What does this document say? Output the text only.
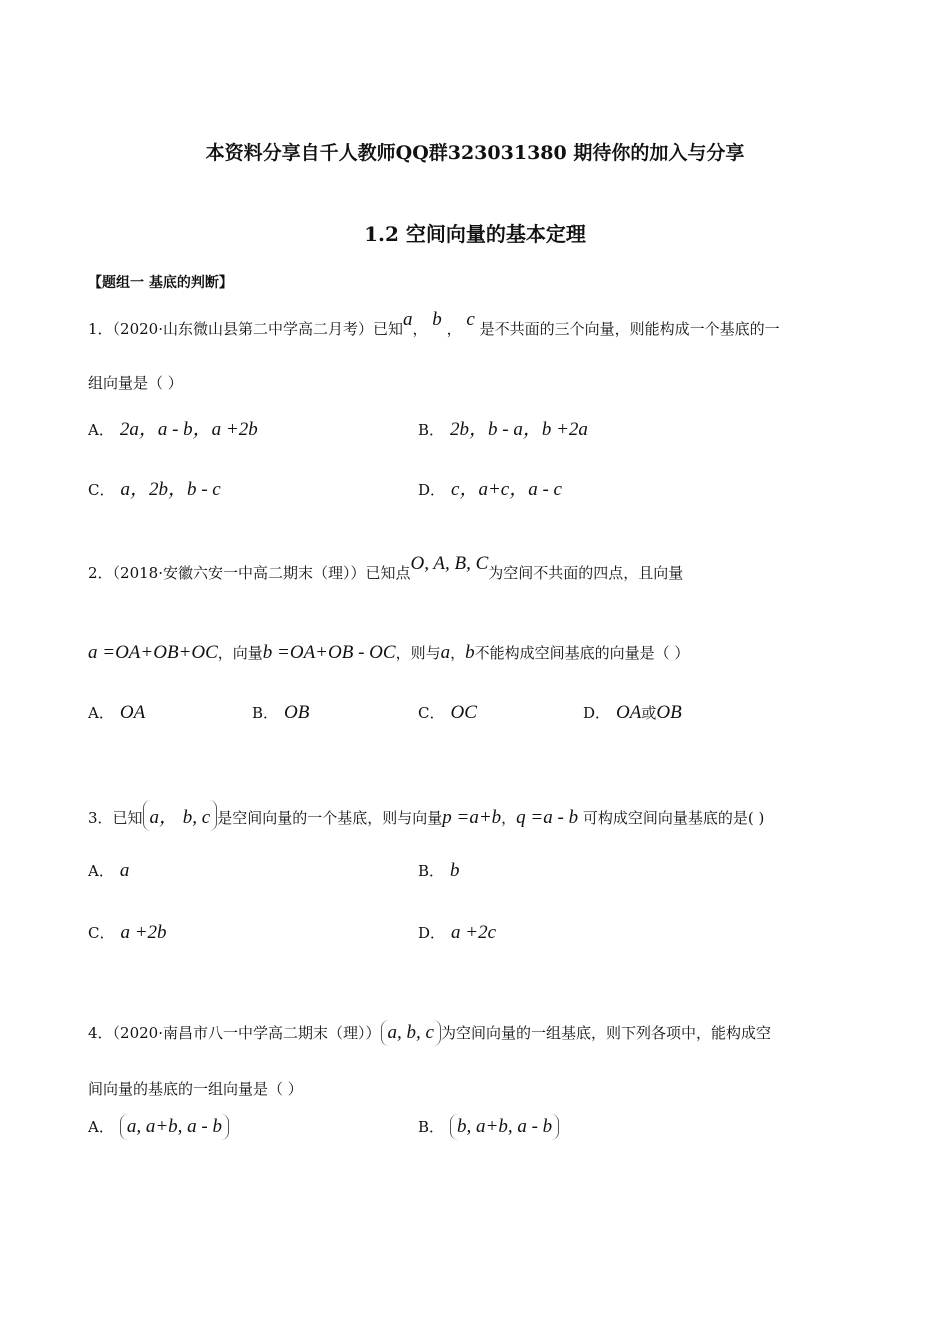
本资料分享自千人教师QQ群323031380 期待你的加入与分享
1.2 空间向量的基本定理
【题组一 基底的判断】
1．（2020·山东微山县第二中学高二月考）已知a， b ， c 是不共面的三个向量，则能构成一个基底的一
组向量是（ ）
A． 2a，a - b，a +2b	B． 2b，b - a，b +2a
C． a，2b，b - c	D． c，a+c，a - c
2．（2018·安徽六安一中高二期末（理））已知点O, A, B, C为空间不共面的四点，且向量
a =OA+OB+OC，向量b =OA+OB - OC，则与a，b不能构成空间基底的向量是（ ）
A． OA	B． OB	C． OC	D． OA或OB
3．已知 a， b, c 是空间向量的一个基底，则与向量p =a+b，q =a - b 可构成空间向量基底的是( )
A． a	B． b
C． a +2b	D． a +2c
4．（2020·南昌市八一中学高二期末（理）） a, b, c 为空间向量的一组基底，则下列各项中，能构成空
间向量的基底的一组向量是（ ）
A． a, a+b, a - b	B． b, a+b, a - b
